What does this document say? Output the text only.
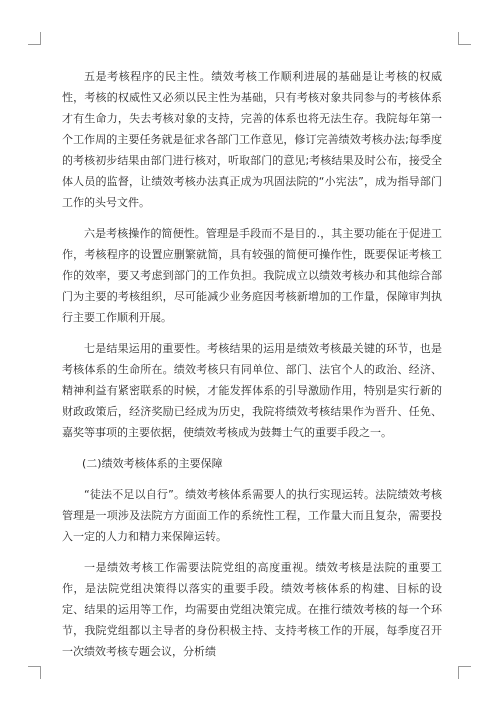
五是考核程序的民主性。绩效考核工作顺利进展的基础是让考核的权威性，考核的权威性又必须以民主性为基础，只有考核对象共同参与的考核体系才有生命力，失去考核对象的支持，完善的体系也将无法生存。我院每年第一个工作周的主要任务就是征求各部门工作意见，修订完善绩效考核办法;每季度的考核初步结果由部门进行核对，听取部门的意见;考核结果及时公布，接受全体人员的监督，让绩效考核办法真正成为巩固法院的“小宪法”，成为指导部门工作的头号文件。

六是考核操作的简便性。管理是手段而不是目的.，其主要功能在于促进工作，考核程序的设置应删繁就简，具有较强的简便可操作性，既要保证考核工作的效率，要又考虑到部门的工作负担。我院成立以绩效考核办和其他综合部门为主要的考核组织，尽可能减少业务庭因考核新增加的工作量，保障审判执行主要工作顺利开展。

七是结果运用的重要性。考核结果的运用是绩效考核最关键的环节，也是考核体系的生命所在。绩效考核只有同单位、部门、法官个人的政治、经济、精神利益有紧密联系的时候，才能发挥体系的引导激励作用，特别是实行新的财政政策后，经济奖励已经成为历史，我院将绩效考核结果作为晋升、任免、嘉奖等事项的主要依据，使绩效考核成为鼓舞士气的重要手段之一。

(二)绩效考核体系的主要保障

“徒法不足以自行”。绩效考核体系需要人的执行实现运转。法院绩效考核管理是一项涉及法院方方面面工作的系统性工程，工作量大而且复杂，需要投入一定的人力和精力来保障运转。

一是绩效考核工作需要法院党组的高度重视。绩效考核是法院的重要工作，是法院党组决策得以落实的重要手段。绩效考核体系的构建、目标的设定、结果的运用等工作，均需要由党组决策完成。在推行绩效考核的每一个环节，我院党组都以主导者的身份积极主持、支持考核工作的开展，每季度召开一次绩效考核专题会议，分析绩
